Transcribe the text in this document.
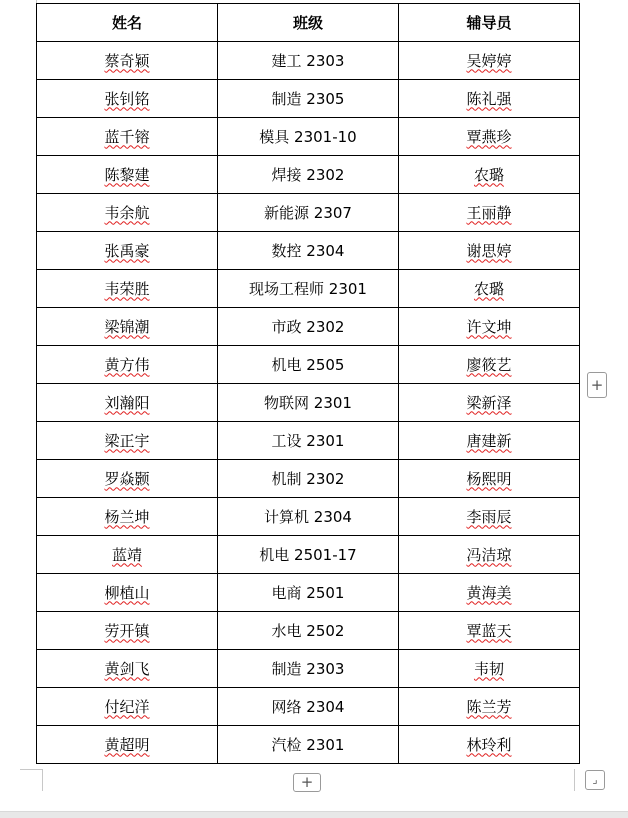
姓名	班级	辅导员
蔡奇颖	建工 2303	吴婷婷
张钊铭	制造 2305	陈礼强
蓝千镕	模具 2301-10	覃燕珍
陈黎建	焊接 2302	农璐
韦余航	新能源 2307	王丽静
张禹豪	数控 2304	谢思婷
韦荣胜	现场工程师 2301	农璐
梁锦潮	市政 2302	许文坤
黄方伟	机电 2505	廖筱艺
刘瀚阳	物联网 2301	梁新泽
梁正宇	工设 2301	唐建新
罗焱颢	机制 2302	杨熙明
杨兰坤	计算机 2304	李雨辰
蓝靖	机电 2501-17	冯洁琼
柳植山	电商 2501	黄海美
劳开镇	水电 2502	覃蓝天
黄剑飞	制造 2303	韦韧
付纪洋	网络 2304	陈兰芳
黄超明	汽检 2301	林玲利
+
+	⌟
